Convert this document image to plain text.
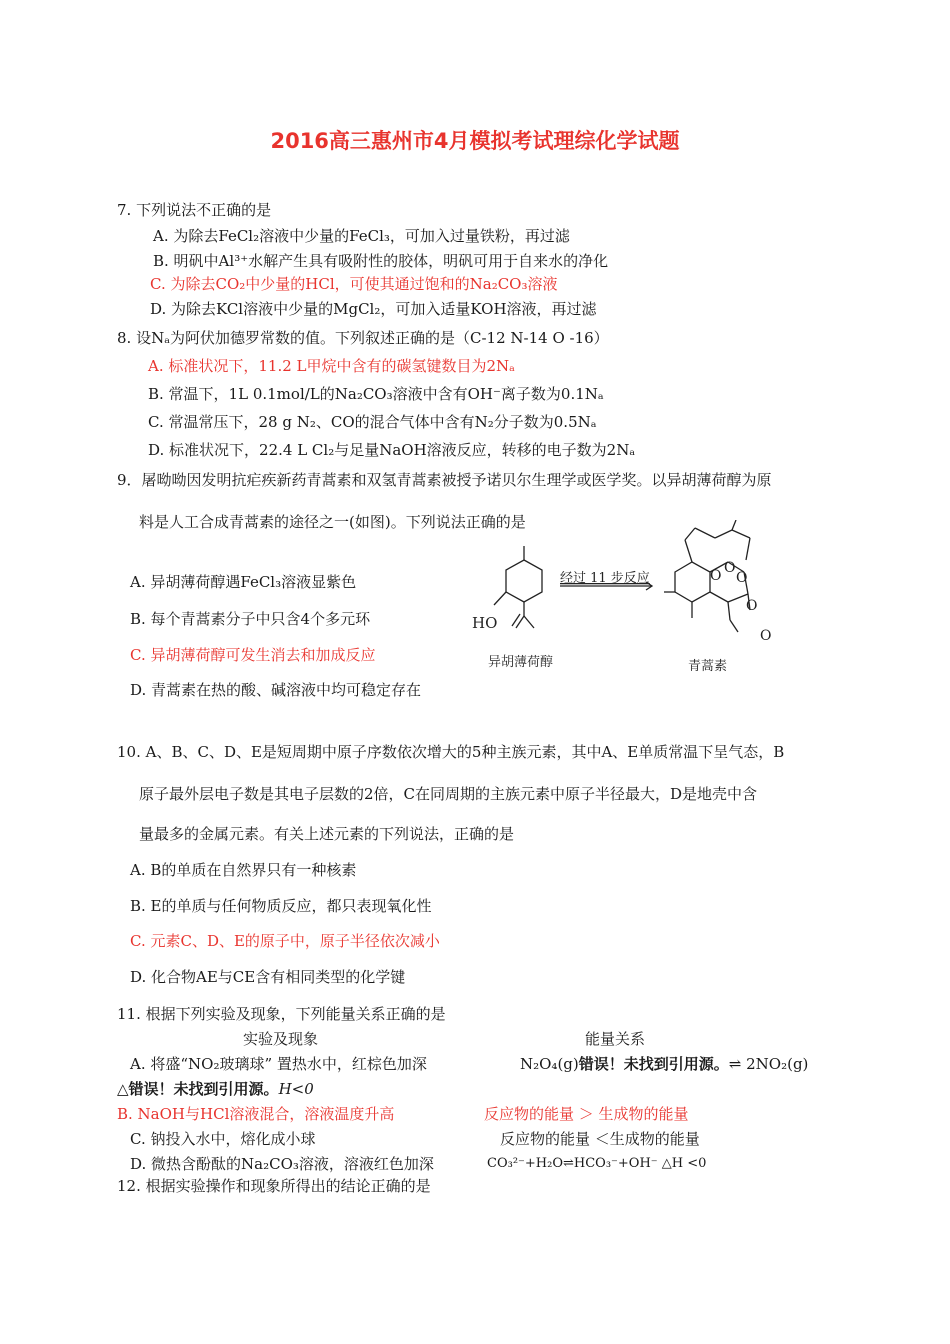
2016高三惠州市4月模拟考试理综化学试题
7. 下列说法不正确的是
A. 为除去FeCl₂溶液中少量的FeCl₃，可加入过量铁粉，再过滤
B. 明矾中Al³⁺水解产生具有吸附性的胶体，明矾可用于自来水的净化
C. 为除去CO₂中少量的HCl，可使其通过饱和的Na₂CO₃溶液
D. 为除去KCl溶液中少量的MgCl₂，可加入适量KOH溶液，再过滤
8. 设Nₐ为阿伏加德罗常数的值。下列叙述正确的是（C-12 N-14 O -16）
A. 标准状况下，11.2 L甲烷中含有的碳氢键数目为2Nₐ
B. 常温下，1L 0.1mol/L的Na₂CO₃溶液中含有OH⁻离子数为0.1Nₐ
C. 常温常压下，28 g N₂、CO的混合气体中含有N₂分子数为0.5Nₐ
D. 标准状况下，22.4 L Cl₂与足量NaOH溶液反应，转移的电子数为2Nₐ
9．屠呦呦因发明抗疟疾新药青蒿素和双氢青蒿素被授予诺贝尔生理学或医学奖。以异胡薄荷醇为原
料是人工合成青蒿素的途径之一(如图)。下列说法正确的是
A. 异胡薄荷醇遇FeCl₃溶液显紫色
B. 每个青蒿素分子中只含4个多元环
C. 异胡薄荷醇可发生消去和加成反应
D. 青蒿素在热的酸、碱溶液中均可稳定存在
HO
经过 11 步反应	O O
O
O
O
异胡薄荷醇	青蒿素
10. A、B、C、D、E是短周期中原子序数依次增大的5种主族元素，其中A、E单质常温下呈气态，B
原子最外层电子数是其电子层数的2倍，C在同周期的主族元素中原子半径最大，D是地壳中含
量最多的金属元素。有关上述元素的下列说法，正确的是
A. B的单质在自然界只有一种核素
B. E的单质与任何物质反应，都只表现氧化性
C. 元素C、D、E的原子中，原子半径依次减小
D. 化合物AE与CE含有相同类型的化学键
11. 根据下列实验及现象，下列能量关系正确的是
实验及现象	能量关系
A. 将盛“NO₂玻璃球” 置热水中，红棕色加深	N₂O₄(g)错误！未找到引用源。⇌ 2NO₂(g)
△错误！未找到引用源。H<0
B. NaOH与HCl溶液混合，溶液温度升高	反应物的能量 ＞ 生成物的能量
C. 钠投入水中，熔化成小球	反应物的能量 ＜生成物的能量
D. 微热含酚酞的Na₂CO₃溶液，溶液红色加深	CO₃²⁻+H₂O⇌HCO₃⁻+OH⁻ △H <0
12. 根据实验操作和现象所得出的结论正确的是
